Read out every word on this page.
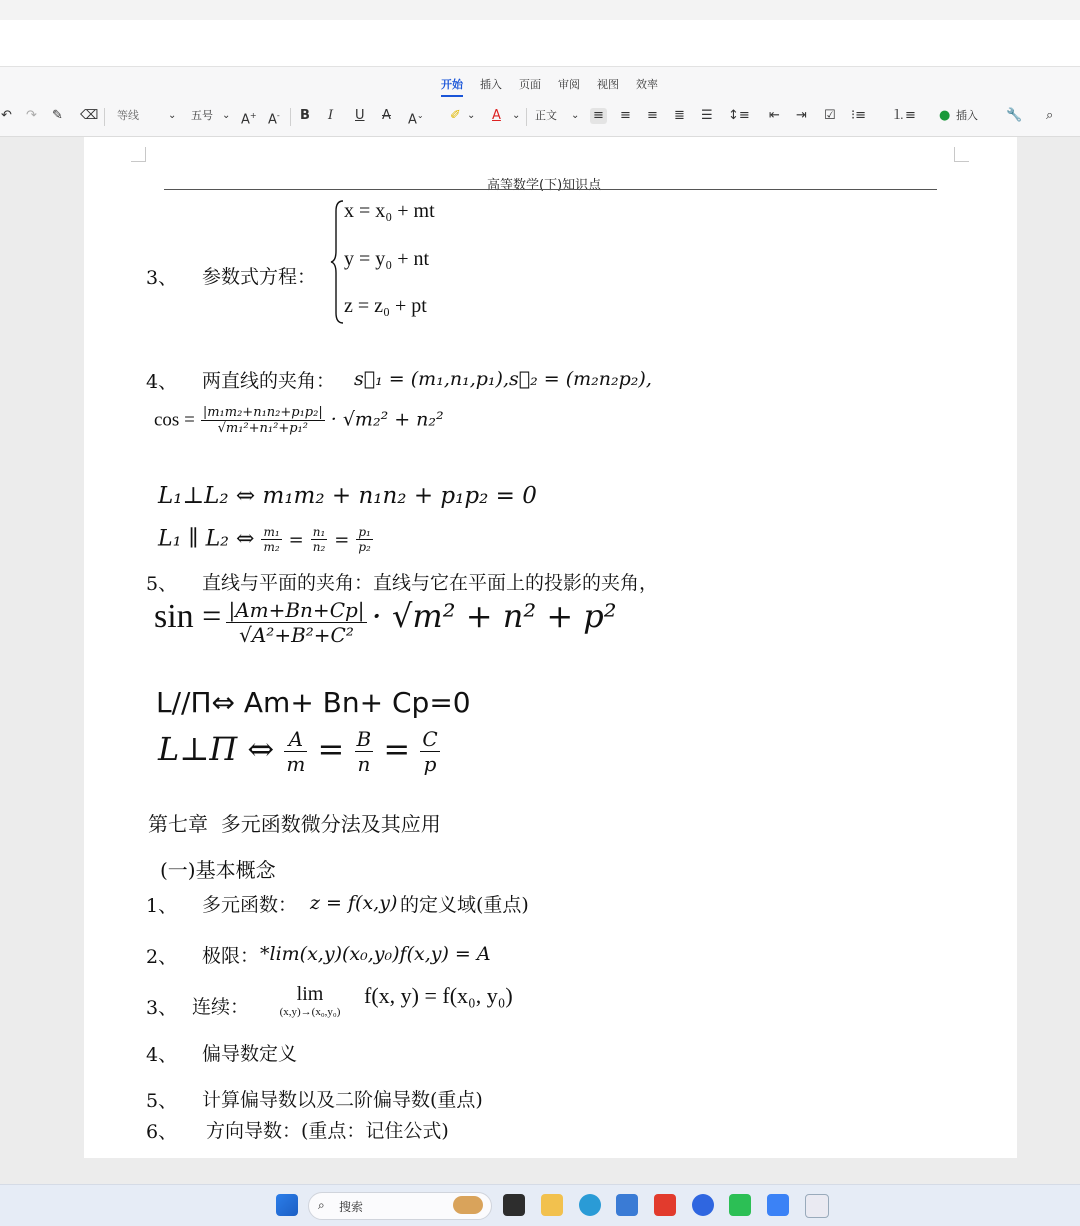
开始 插入 页面 审阅 视图 效率
↶ ↷ ✎ ⌫ 等线	⌄ 五号 ⌄ A+ A- B I U A A⌄ ✐ ⌄ A ⌄ 正文 ⌄ ≡ ≡ ≡ ≣ ☰ ↕≡ ⇤ ⇥ ☑ ⁝≡ ⒈≡ ● 插入 🔧 ⌕
高等数学(下)知识点
3、 参数式方程：
x = x₀ + mt
y = y₀ + nt
z = z₀ + pt
4、 两直线的夹角： s⃗₁ = (m₁,n₁,p₁),s⃗₂ = (m₂n₂p₂),
$\cos = \frac{\text{|m₁m₂+n₁n₂+p₁p₂|}}{\text{√m₁²+n₁²+p₁²}} \cdot √m_2^2 + n_2^2$
L₁⊥L₂ ⇔ m₁m₂ + n₁n₂ + p₁p₂ = 0
L₁ ∥ L₂ ⇔ $\frac{\text{m₁}}{\text{m₂}} = \frac{\text{n₁}}{\text{n₂}} = \frac{\text{p₁}}{\text{p₂}}$
5、 直线与平面的夹角：直线与它在平面上的投影的夹角，
$\sin = \frac{|Am+Bn+Cp|}{\text{√A²+B²+C²}} \cdot √m^2 + n^2 + p^2$
L//Π⇔ Am+ Bn+ Cp=0
L⊥Π ⇔ $\frac{A}{m} = \frac{B}{n} = \frac{C}{p}$
第七章  多元函数微分法及其应用
(一)基本概念
1、 多元函数： z = f(x,y) 的定义域(重点)
2、 极限： *lim(x,y)(x₀,y₀)f(x,y) = A
3、 连续：
lim
(x,y)→(x₀,y₀)
f(x, y) = f(x₀, y₀)
4、 偏导数定义
5、 计算偏导数以及二阶偏导数(重点)
6、 方向导数：(重点：记住公式)
⌕ 搜索
